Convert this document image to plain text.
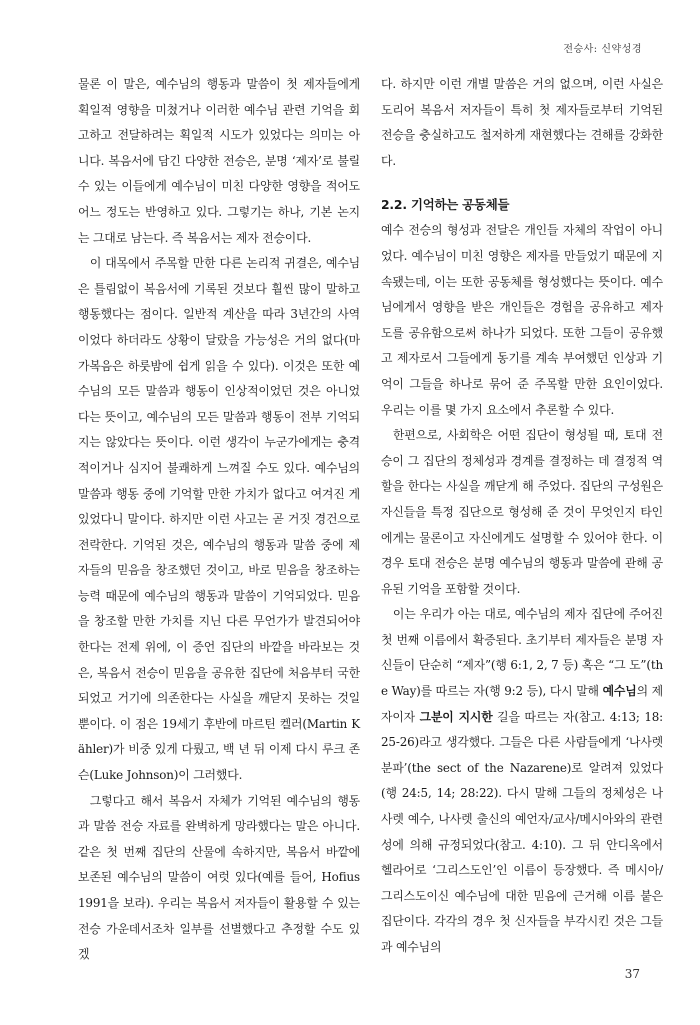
전승사: 신약성경

물론 이 말은, 예수님의 행동과 말씀이 첫 제자들에게 획일적 영향을 미쳤거나 이러한 예수님 관련 기억을 회고하고 전달하려는 획일적 시도가 있었다는 의미는 아니다. 복음서에 담긴 다양한 전승은, 분명 ‘제자’로 불릴 수 있는 이들에게 예수님이 미친 다양한 영향을 적어도 어느 정도는 반영하고 있다. 그렇기는 하나, 기본 논지는 그대로 남는다. 즉 복음서는 제자 전승이다.

이 대목에서 주목할 만한 다른 논리적 귀결은, 예수님은 틀림없이 복음서에 기록된 것보다 훨씬 많이 말하고 행동했다는 점이다. 일반적 계산을 따라 3년간의 사역이었다 하더라도 상황이 달랐을 가능성은 거의 없다(마가복음은 하룻밤에 쉽게 읽을 수 있다). 이것은 또한 예수님의 모든 말씀과 행동이 인상적이었던 것은 아니었다는 뜻이고, 예수님의 모든 말씀과 행동이 전부 기억되지는 않았다는 뜻이다. 이런 생각이 누군가에게는 충격적이거나 심지어 불쾌하게 느껴질 수도 있다. 예수님의 말씀과 행동 중에 기억할 만한 가치가 없다고 여겨진 게 있었다니 말이다. 하지만 이런 사고는 곧 거짓 경건으로 전락한다. 기억된 것은, 예수님의 행동과 말씀 중에 제자들의 믿음을 창조했던 것이고, 바로 믿음을 창조하는 능력 때문에 예수님의 행동과 말씀이 기억되었다. 믿음을 창조할 만한 가치를 지닌 다른 무언가가 발견되어야 한다는 전제 위에, 이 증언 집단의 바깥을 바라보는 것은, 복음서 전승이 믿음을 공유한 집단에 처음부터 국한되었고 거기에 의존한다는 사실을 깨닫지 못하는 것일 뿐이다. 이 점은 19세기 후반에 마르틴 켈러(Martin Kähler)가 비중 있게 다뤘고, 백 년 뒤 이제 다시 루크 존슨(Luke Johnson)이 그러했다.

그렇다고 해서 복음서 자체가 기억된 예수님의 행동과 말씀 전승 자료를 완벽하게 망라했다는 말은 아니다. 같은 첫 번째 집단의 산물에 속하지만, 복음서 바깥에 보존된 예수님의 말씀이 여럿 있다(예를 들어, Hofius 1991을 보라). 우리는 복음서 저자들이 활용할 수 있는 전승 가운데서조차 일부를 선별했다고 추정할 수도 있겠

다. 하지만 이런 개별 말씀은 거의 없으며, 이런 사실은 도리어 복음서 저자들이 특히 첫 제자들로부터 기억된 전승을 충실하고도 철저하게 재현했다는 견해를 강화한다.

2.2. 기억하는 공동체들

예수 전승의 형성과 전달은 개인들 자체의 작업이 아니었다. 예수님이 미친 영향은 제자를 만들었기 때문에 지속됐는데, 이는 또한 공동체를 형성했다는 뜻이다. 예수님에게서 영향을 받은 개인들은 경험을 공유하고 제자도를 공유함으로써 하나가 되었다. 또한 그들이 공유했고 제자로서 그들에게 동기를 계속 부여했던 인상과 기억이 그들을 하나로 묶어 준 주목할 만한 요인이었다. 우리는 이를 몇 가지 요소에서 추론할 수 있다.

한편으로, 사회학은 어떤 집단이 형성될 때, 토대 전승이 그 집단의 정체성과 경계를 결정하는 데 결정적 역할을 한다는 사실을 깨닫게 해 주었다. 집단의 구성원은 자신들을 특정 집단으로 형성해 준 것이 무엇인지 타인에게는 물론이고 자신에게도 설명할 수 있어야 한다. 이 경우 토대 전승은 분명 예수님의 행동과 말씀에 관해 공유된 기억을 포함할 것이다.

이는 우리가 아는 대로, 예수님의 제자 집단에 주어진 첫 번째 이름에서 확증된다. 초기부터 제자들은 분명 자신들이 단순히 “제자”(행 6:1, 2, 7 등) 혹은 “그 도”(the Way)를 따르는 자(행 9:2 등), 다시 말해 예수님의 제자이자 그분이 지시한 길을 따르는 자(참고. 4:13; 18:25-26)라고 생각했다. 그들은 다른 사람들에게 ‘나사렛 분파’(the sect of the Nazarene)로 알려져 있었다(행 24:5, 14; 28:22). 다시 말해 그들의 정체성은 나사렛 예수, 나사렛 출신의 예언자/교사/메시아와의 관련성에 의해 규정되었다(참고. 4:10). 그 뒤 안디옥에서 헬라어로 ‘그리스도인’인 이름이 등장했다. 즉 메시아/그리스도이신 예수님에 대한 믿음에 근거해 이름 붙은 집단이다. 각각의 경우 첫 신자들을 부각시킨 것은 그들과 예수님의

37
